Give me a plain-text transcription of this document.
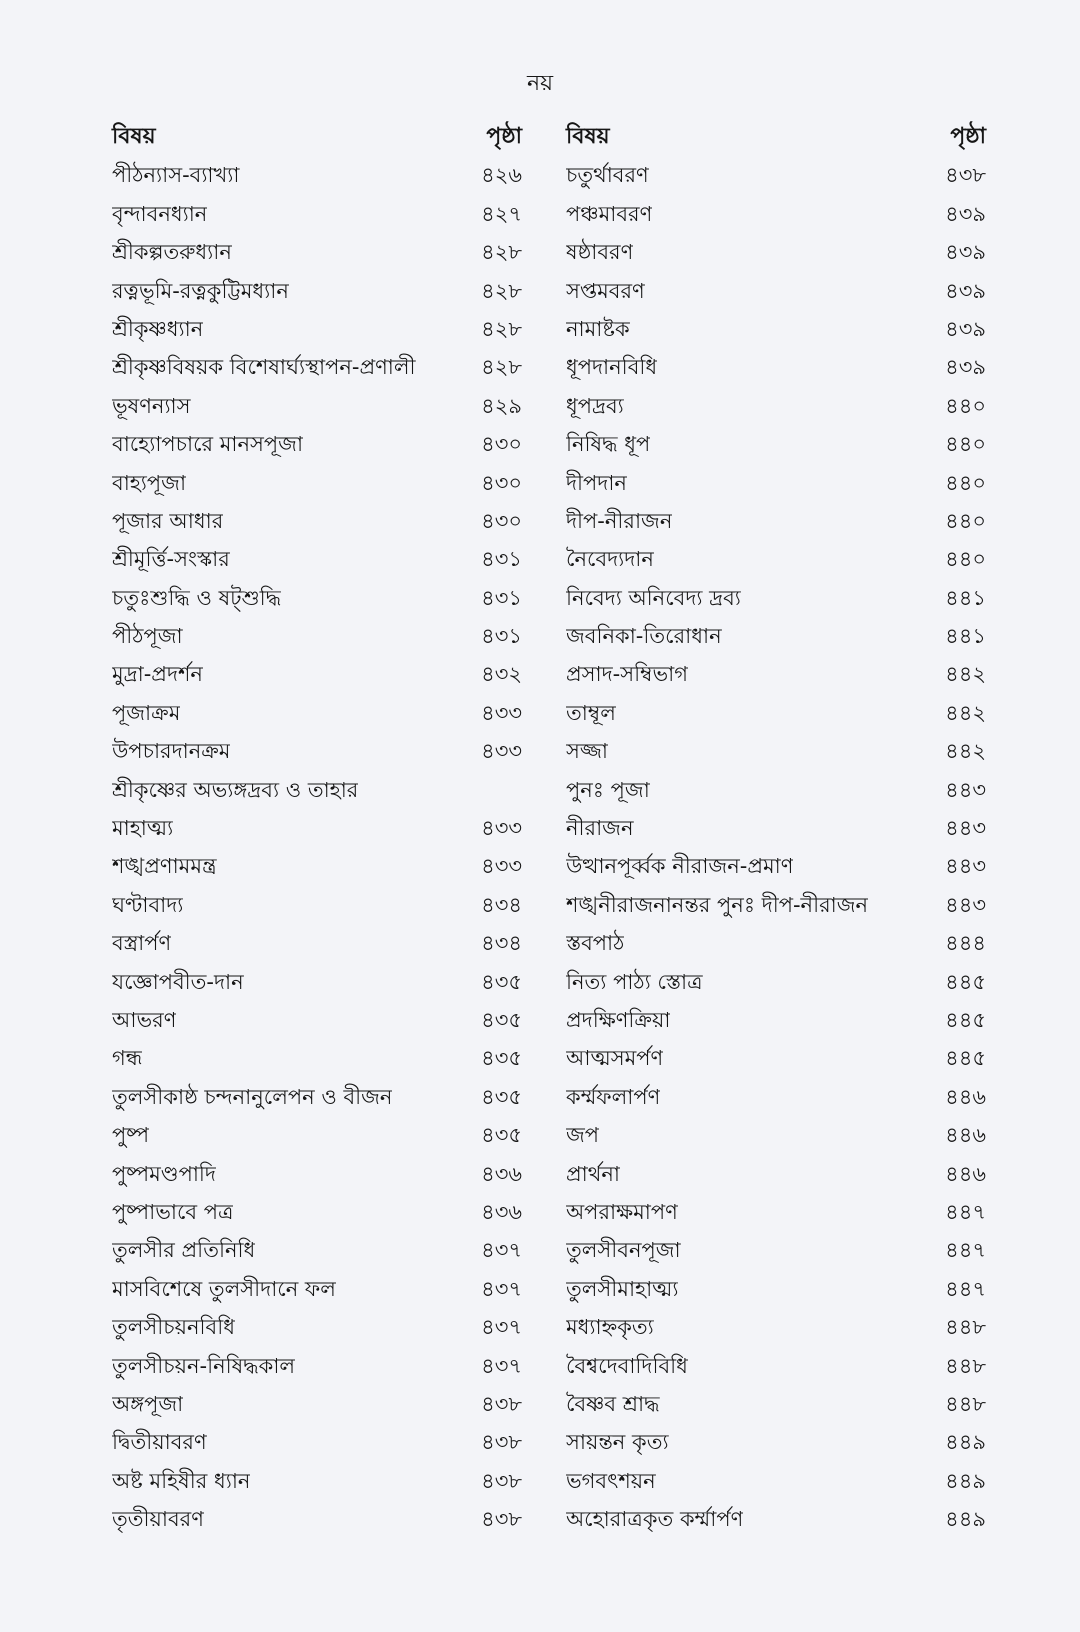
নয়
বিষয়	পৃষ্ঠা
পীঠন্যাস-ব্যাখ্যা	৪২৬
বৃন্দাবনধ্যান	৪২৭
শ্রীকল্পতরুধ্যান	৪২৮
রত্নভূমি-রত্নকুট্টিমধ্যান	৪২৮
শ্রীকৃষ্ণধ্যান	৪২৮
শ্রীকৃষ্ণবিষয়ক বিশেষার্ঘ্যস্থাপন-প্রণালী	৪২৮
ভূষণন্যাস	৪২৯
বাহ্যোপচারে মানসপূজা	৪৩০
বাহ্যপূজা	৪৩০
পূজার আধার	৪৩০
শ্রীমূর্ত্তি-সংস্কার	৪৩১
চতুঃশুদ্ধি ও ষট্শুদ্ধি	৪৩১
পীঠপূজা	৪৩১
মুদ্রা-প্রদর্শন	৪৩২
পূজাক্রম	৪৩৩
উপচারদানক্রম	৪৩৩
শ্রীকৃষ্ণের অভ্যঙ্গদ্রব্য ও তাহার
মাহাত্ম্য	৪৩৩
শঙ্খপ্রণামমন্ত্র	৪৩৩
ঘণ্টাবাদ্য	৪৩৪
বস্ত্রার্পণ	৪৩৪
যজ্ঞোপবীত-দান	৪৩৫
আভরণ	৪৩৫
গন্ধ	৪৩৫
তুলসীকাষ্ঠ চন্দনানুলেপন ও বীজন	৪৩৫
পুষ্প	৪৩৫
পুষ্পমণ্ডপাদি	৪৩৬
পুষ্পাভাবে পত্র	৪৩৬
তুলসীর প্রতিনিধি	৪৩৭
মাসবিশেষে তুলসীদানে ফল	৪৩৭
তুলসীচয়নবিধি	৪৩৭
তুলসীচয়ন-নিষিদ্ধকাল	৪৩৭
অঙ্গপূজা	৪৩৮
দ্বিতীয়াবরণ	৪৩৮
অষ্ট মহিষীর ধ্যান	৪৩৮
তৃতীয়াবরণ	৪৩৮
বিষয়	পৃষ্ঠা
চতুর্থাবরণ	৪৩৮
পঞ্চমাবরণ	৪৩৯
ষষ্ঠাবরণ	৪৩৯
সপ্তমবরণ	৪৩৯
নামাষ্টক	৪৩৯
ধূপদানবিধি	৪৩৯
ধূপদ্রব্য	৪৪০
নিষিদ্ধ ধূপ	৪৪০
দীপদান	৪৪০
দীপ-নীরাজন	৪৪০
নৈবেদ্যদান	৪৪০
নিবেদ্য অনিবেদ্য দ্রব্য	৪৪১
জবনিকা-তিরোধান	৪৪১
প্রসাদ-সম্বিভাগ	৪৪২
তাম্বূল	৪৪২
সজ্জা	৪৪২
পুনঃ পূজা	৪৪৩
নীরাজন	৪৪৩
উত্থানপূর্ব্বক নীরাজন-প্রমাণ	৪৪৩
শঙ্খনীরাজনানন্তর পুনঃ দীপ-নীরাজন	৪৪৩
স্তবপাঠ	৪৪৪
নিত্য পাঠ্য স্তোত্র	৪৪৫
প্রদক্ষিণক্রিয়া	৪৪৫
আত্মসমর্পণ	৪৪৫
কর্ম্মফলার্পণ	৪৪৬
জপ	৪৪৬
প্রার্থনা	৪৪৬
অপরাক্ষমাপণ	৪৪৭
তুলসীবনপূজা	৪৪৭
তুলসীমাহাত্ম্য	৪৪৭
মধ্যাহ্নকৃত্য	৪৪৮
বৈশ্বদেবাদিবিধি	৪৪৮
বৈষ্ণব শ্রাদ্ধ	৪৪৮
সায়ন্তন কৃত্য	৪৪৯
ভগবৎশয়ন	৪৪৯
অহোরাত্রকৃত কর্ম্মার্পণ	৪৪৯
